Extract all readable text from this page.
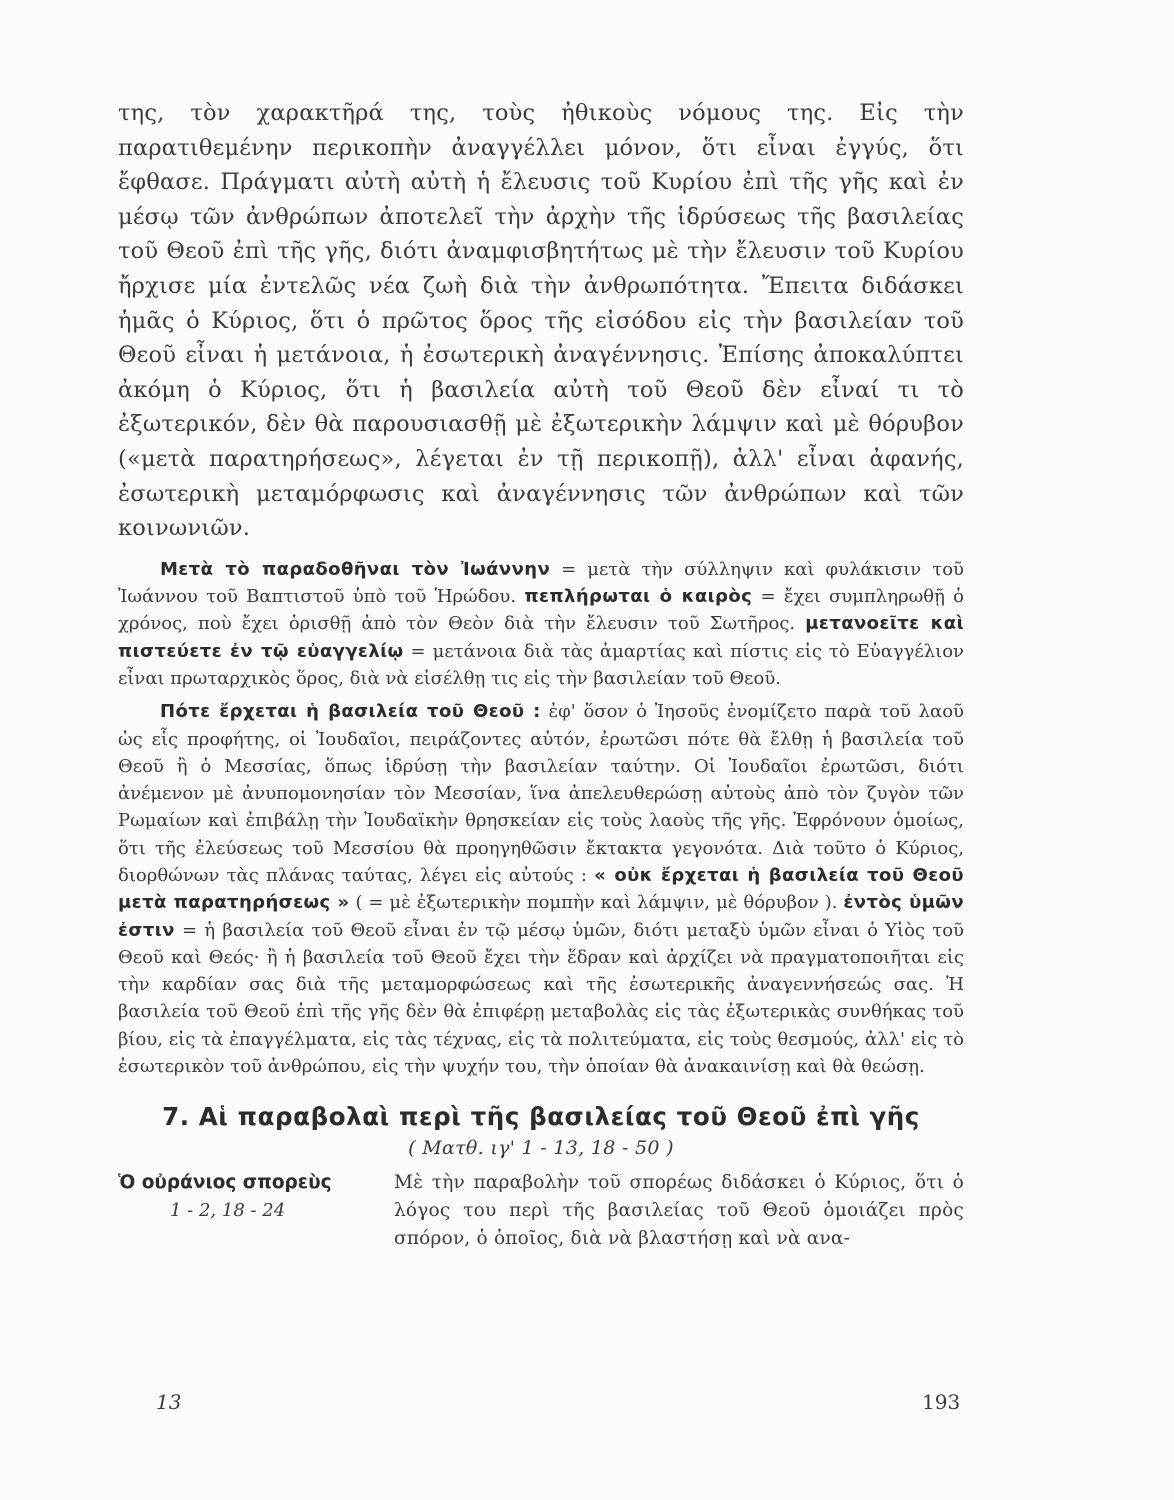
της, τὸν χαρακτῆρά της, τοὺς ἠθικοὺς νόμους της. Εἰς τὴν παρατιθεμένην περικοπὴν ἀναγγέλλει μόνον, ὅτι εἶναι ἐγγύς, ὅτι ἔφθασε. Πράγματι αὐτὴ αὐτὴ ἡ ἔλευσις τοῦ Κυρίου ἐπὶ τῆς γῆς καὶ ἐν μέσῳ τῶν ἀνθρώπων ἀποτελεῖ τὴν ἀρχὴν τῆς ἱδρύσεως τῆς βασιλείας τοῦ Θεοῦ ἐπὶ τῆς γῆς, διότι ἀναμφισβητήτως μὲ τὴν ἔλευσιν τοῦ Κυρίου ἤρχισε μία ἐντελῶς νέα ζωὴ διὰ τὴν ἀνθρωπότητα. Ἔπειτα διδάσκει ἡμᾶς ὁ Κύριος, ὅτι ὁ πρῶτος ὅρος τῆς εἰσόδου εἰς τὴν βασιλείαν τοῦ Θεοῦ εἶναι ἡ μετάνοια, ἡ ἐσωτερικὴ ἀναγέννησις. Ἐπίσης ἀποκαλύπτει ἀκόμη ὁ Κύριος, ὅτι ἡ βασιλεία αὐτὴ τοῦ Θεοῦ δὲν εἶναί τι τὸ ἐξωτερικόν, δὲν θὰ παρουσιασθῇ μὲ ἐξωτερικὴν λάμψιν καὶ μὲ θόρυβον («μετὰ παρατηρήσεως», λέγεται ἐν τῇ περικοπῇ), ἀλλ' εἶναι ἀφανής, ἐσωτερικὴ μεταμόρφωσις καὶ ἀναγέννησις τῶν ἀνθρώπων καὶ τῶν κοινωνιῶν.

Μετὰ τὸ παραδοθῆναι τὸν Ἰωάννην = μετὰ τὴν σύλληψιν καὶ φυλάκισιν τοῦ Ἰωάννου τοῦ Βαπτιστοῦ ὑπὸ τοῦ Ἡρώδου. πεπλήρωται ὁ καιρὸς = ἔχει συμπληρωθῇ ὁ χρόνος, ποὺ ἔχει ὁρισθῇ ἀπὸ τὸν Θεὸν διὰ τὴν ἔλευσιν τοῦ Σωτῆρος. μετανοεῖτε καὶ πιστεύετε ἐν τῷ εὐαγγελίῳ = μετάνοια διὰ τὰς ἁμαρτίας καὶ πίστις εἰς τὸ Εὐαγγέλιον εἶναι πρωταρχικὸς ὅρος, διὰ νὰ εἰσέλθῃ τις εἰς τὴν βασιλείαν τοῦ Θεοῦ.

Πότε ἔρχεται ἡ βασιλεία τοῦ Θεοῦ : ἐφ' ὅσον ὁ Ἰησοῦς ἐνομίζετο παρὰ τοῦ λαοῦ ὡς εἷς προφήτης, οἱ Ἰουδαῖοι, πειράζοντες αὐτόν, ἐρωτῶσι πότε θὰ ἔλθῃ ἡ βασιλεία τοῦ Θεοῦ ἢ ὁ Μεσσίας, ὅπως ἱδρύσῃ τὴν βασιλείαν ταύτην. Οἱ Ἰουδαῖοι ἐρωτῶσι, διότι ἀνέμενον μὲ ἀνυπομονησίαν τὸν Μεσσίαν, ἵνα ἀπελευθερώσῃ αὐτοὺς ἀπὸ τὸν ζυγὸν τῶν Ρωμαίων καὶ ἐπιβάλῃ τὴν Ἰουδαϊκὴν θρησκείαν εἰς τοὺς λαοὺς τῆς γῆς. Ἐφρόνουν ὁμοίως, ὅτι τῆς ἐλεύσεως τοῦ Μεσσίου θὰ προηγηθῶσιν ἔκτακτα γεγονότα. Διὰ τοῦτο ὁ Κύριος, διορθώνων τὰς πλάνας ταύτας, λέγει εἰς αὐτούς : « οὐκ ἔρχεται ἡ βασιλεία τοῦ Θεοῦ μετὰ παρατηρήσεως » ( = μὲ ἐξωτερικὴν πομπὴν καὶ λάμψιν, μὲ θόρυβον ). ἐντὸς ὑμῶν ἐστιν = ἡ βασιλεία τοῦ Θεοῦ εἶναι ἐν τῷ μέσῳ ὑμῶν, διότι μεταξὺ ὑμῶν εἶναι ὁ Υἱὸς τοῦ Θεοῦ καὶ Θεός· ἢ ἡ βασιλεία τοῦ Θεοῦ ἔχει τὴν ἕδραν καὶ ἀρχίζει νὰ πραγματοποιῆται εἰς τὴν καρδίαν σας διὰ τῆς μεταμορφώσεως καὶ τῆς ἐσωτερικῆς ἀναγεννήσεώς σας. Ἡ βασιλεία τοῦ Θεοῦ ἐπὶ τῆς γῆς δὲν θὰ ἐπιφέρῃ μεταβολὰς εἰς τὰς ἐξωτερικὰς συνθήκας τοῦ βίου, εἰς τὰ ἐπαγγέλματα, εἰς τὰς τέχνας, εἰς τὰ πολιτεύματα, εἰς τοὺς θεσμούς, ἀλλ' εἰς τὸ ἐσωτερικὸν τοῦ ἀνθρώπου, εἰς τὴν ψυχήν του, τὴν ὁποίαν θὰ ἀνακαινίσῃ καὶ θὰ θεώσῃ.

7. Αἱ παραβολαὶ περὶ τῆς βασιλείας τοῦ Θεοῦ ἐπὶ γῆς
( Ματθ. ιγ' 1 - 13, 18 - 50 )
Ὁ οὐράνιος σπορεὺς
1 - 2, 18 - 24

Μὲ τὴν παραβολὴν τοῦ σπορέως διδάσκει ὁ Κύριος, ὅτι ὁ λόγος του περὶ τῆς βασιλείας τοῦ Θεοῦ ὁμοιάζει πρὸς σπόρον, ὁ ὁποῖος, διὰ νὰ βλαστήσῃ καὶ νὰ ανα-

13	193
